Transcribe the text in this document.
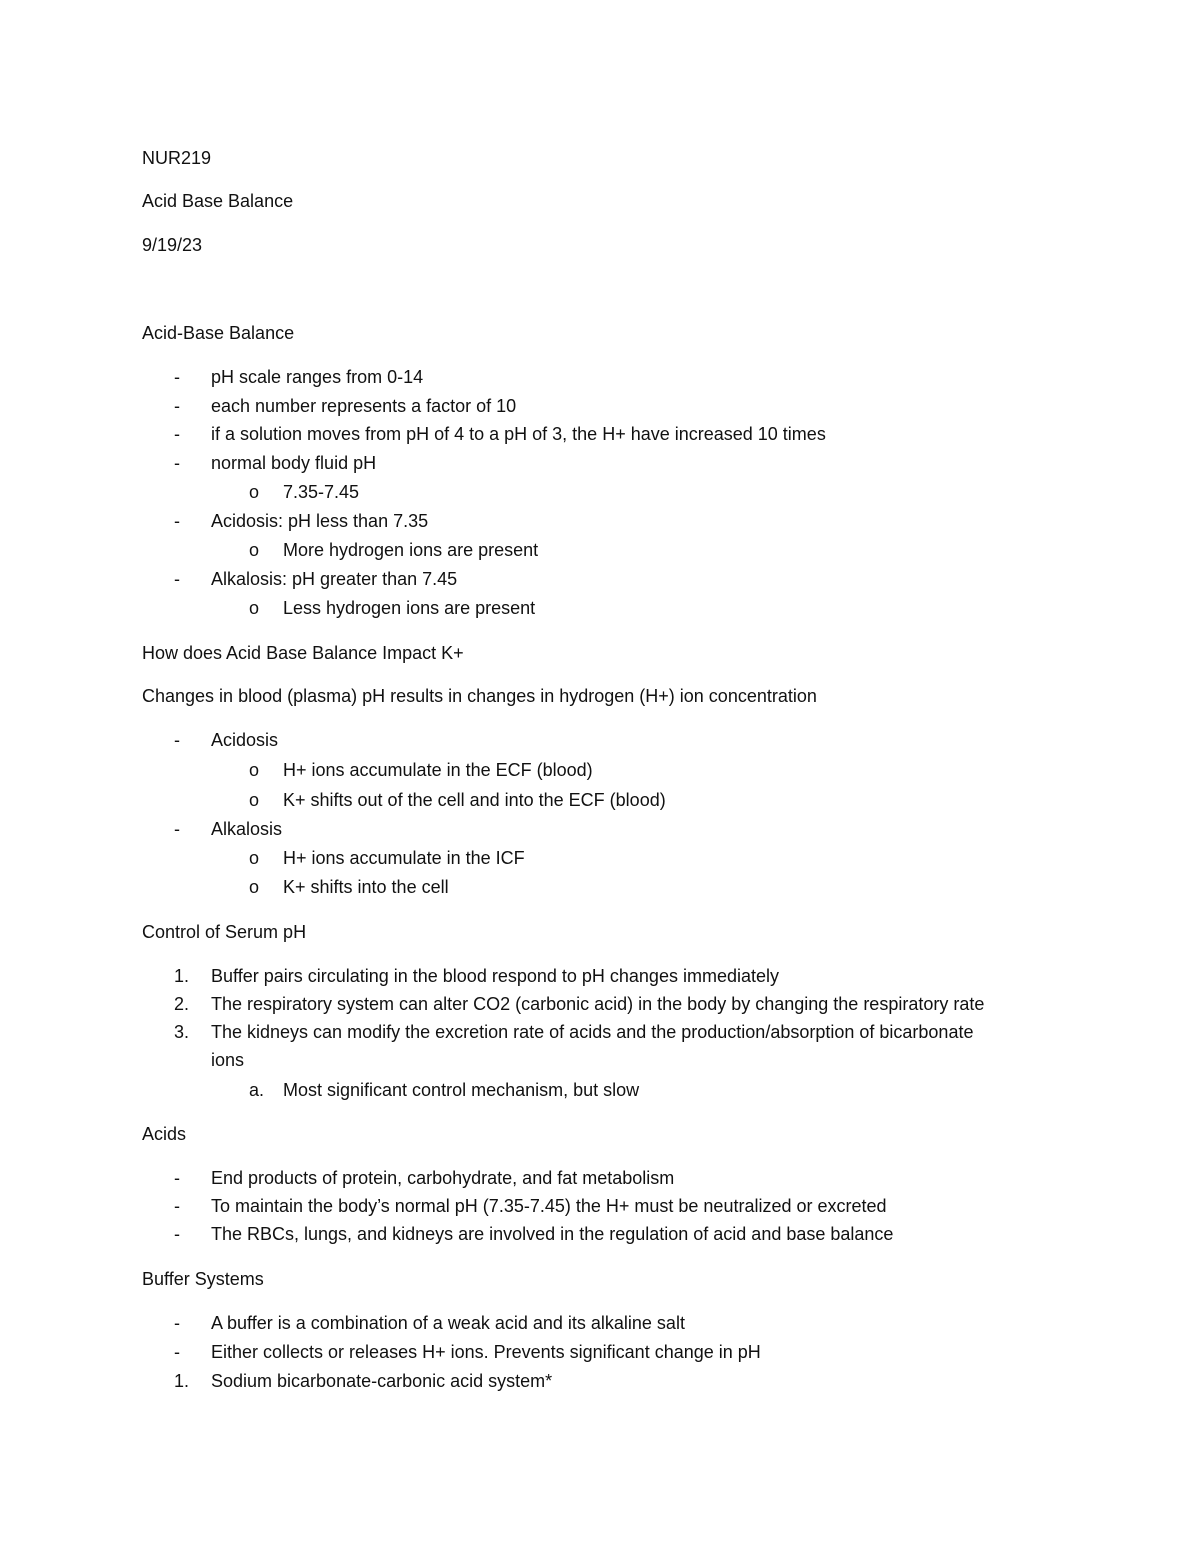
NUR219
Acid Base Balance
9/19/23
Acid-Base Balance
- pH scale ranges from 0-14
- each number represents a factor of 10
- if a solution moves from pH of 4 to a pH of 3, the H+ have increased 10 times
- normal body fluid pH
o 7.35-7.45
- Acidosis: pH less than 7.35
o More hydrogen ions are present
- Alkalosis: pH greater than 7.45
o Less hydrogen ions are present
How does Acid Base Balance Impact K+
Changes in blood (plasma) pH results in changes in hydrogen (H+) ion concentration
- Acidosis
o H+ ions accumulate in the ECF (blood)
o K+ shifts out of the cell and into the ECF (blood)
- Alkalosis
o H+ ions accumulate in the ICF
o K+ shifts into the cell
Control of Serum pH
1. Buffer pairs circulating in the blood respond to pH changes immediately
2. The respiratory system can alter CO2 (carbonic acid) in the body by changing the respiratory rate
3. The kidneys can modify the excretion rate of acids and the production/absorption of bicarbonate
ions
a. Most significant control mechanism, but slow
Acids
- End products of protein, carbohydrate, and fat metabolism
- To maintain the body’s normal pH (7.35-7.45) the H+ must be neutralized or excreted
- The RBCs, lungs, and kidneys are involved in the regulation of acid and base balance
Buffer Systems
- A buffer is a combination of a weak acid and its alkaline salt
- Either collects or releases H+ ions. Prevents significant change in pH
1. Sodium bicarbonate-carbonic acid system*
